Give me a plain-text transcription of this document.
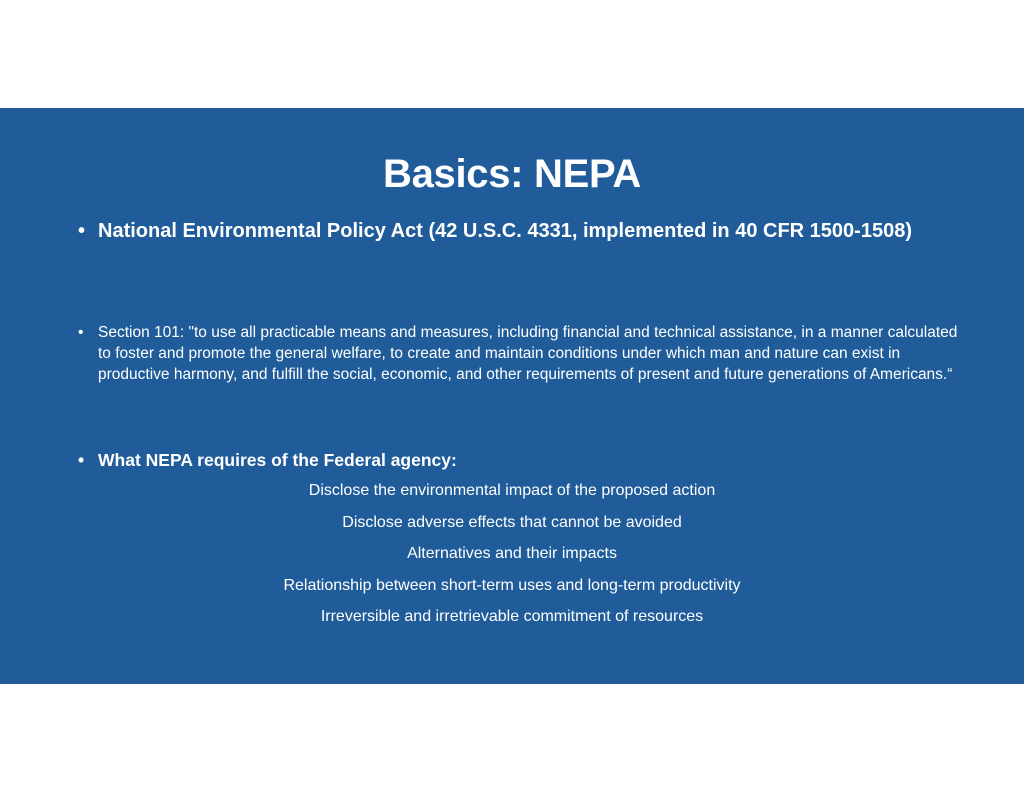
Basics: NEPA
• National Environmental Policy Act (42 U.S.C. 4331, implemented in 40 CFR 1500-1508)
• Section 101: "to use all practicable means and measures, including financial and technical assistance, in a manner calculated to foster and promote the general welfare, to create and maintain conditions under which man and nature can exist in productive harmony, and fulfill the social, economic, and other requirements of present and future generations of Americans.“
• What NEPA requires of the Federal agency:
Disclose the environmental impact of the proposed action
Disclose adverse effects that cannot be avoided
Alternatives and their impacts
Relationship between short-term uses and long-term productivity
Irreversible and irretrievable commitment of resources
